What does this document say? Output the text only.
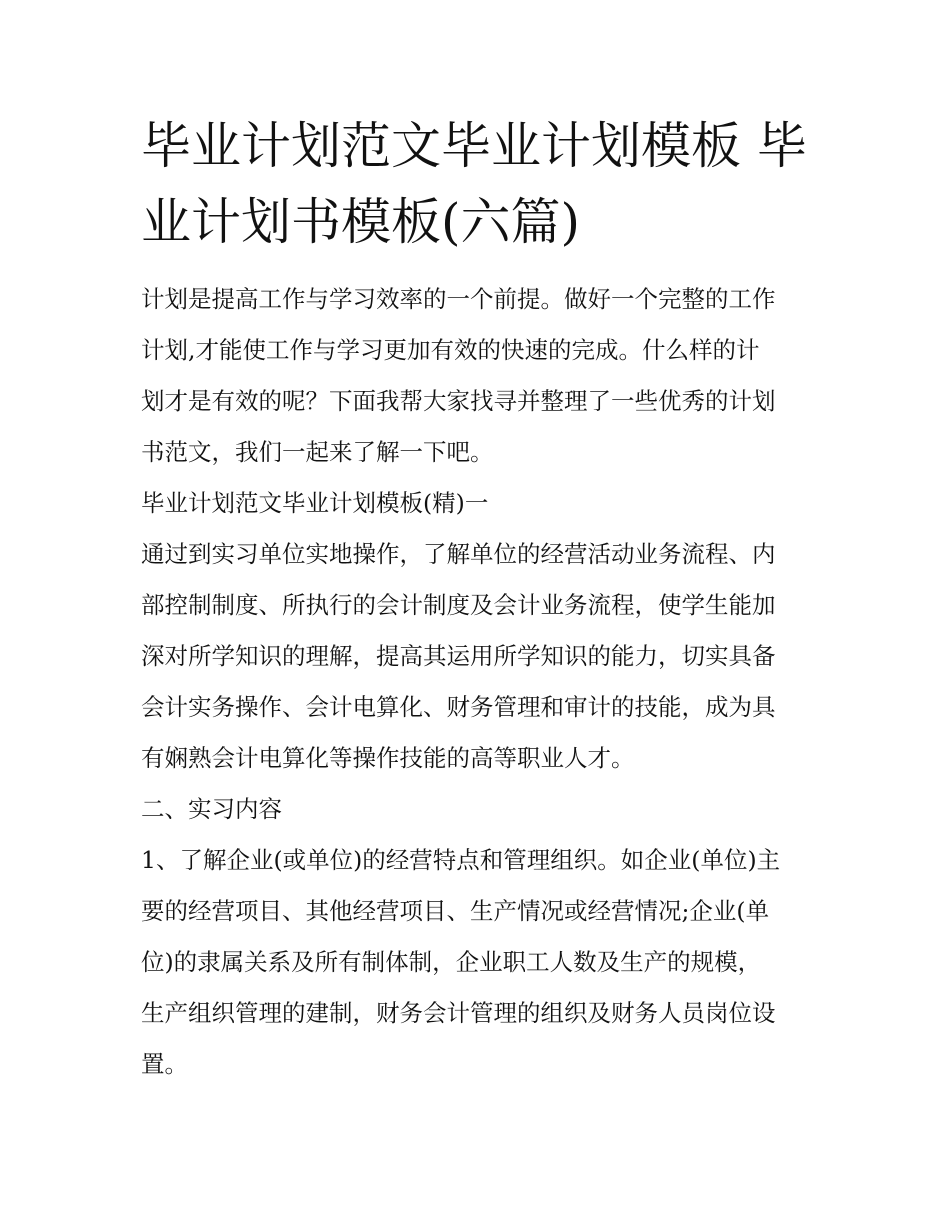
毕业计划范文毕业计划模板 毕
业计划书模板(六篇)

计划是提高工作与学习效率的一个前提。做好一个完整的工作
计划,才能使工作与学习更加有效的快速的完成。什么样的计
划才是有效的呢？下面我帮大家找寻并整理了一些优秀的计划
书范文，我们一起来了解一下吧。

毕业计划范文毕业计划模板(精)一

通过到实习单位实地操作，了解单位的经营活动业务流程、内
部控制制度、所执行的会计制度及会计业务流程，使学生能加
深对所学知识的理解，提高其运用所学知识的能力，切实具备
会计实务操作、会计电算化、财务管理和审计的技能，成为具
有娴熟会计电算化等操作技能的高等职业人才。

二、实习内容

1、了解企业(或单位)的经营特点和管理组织。如企业(单位)主
要的经营项目、其他经营项目、生产情况或经营情况;企业(单
位)的隶属关系及所有制体制，企业职工人数及生产的规模，
生产组织管理的建制，财务会计管理的组织及财务人员岗位设
置。
